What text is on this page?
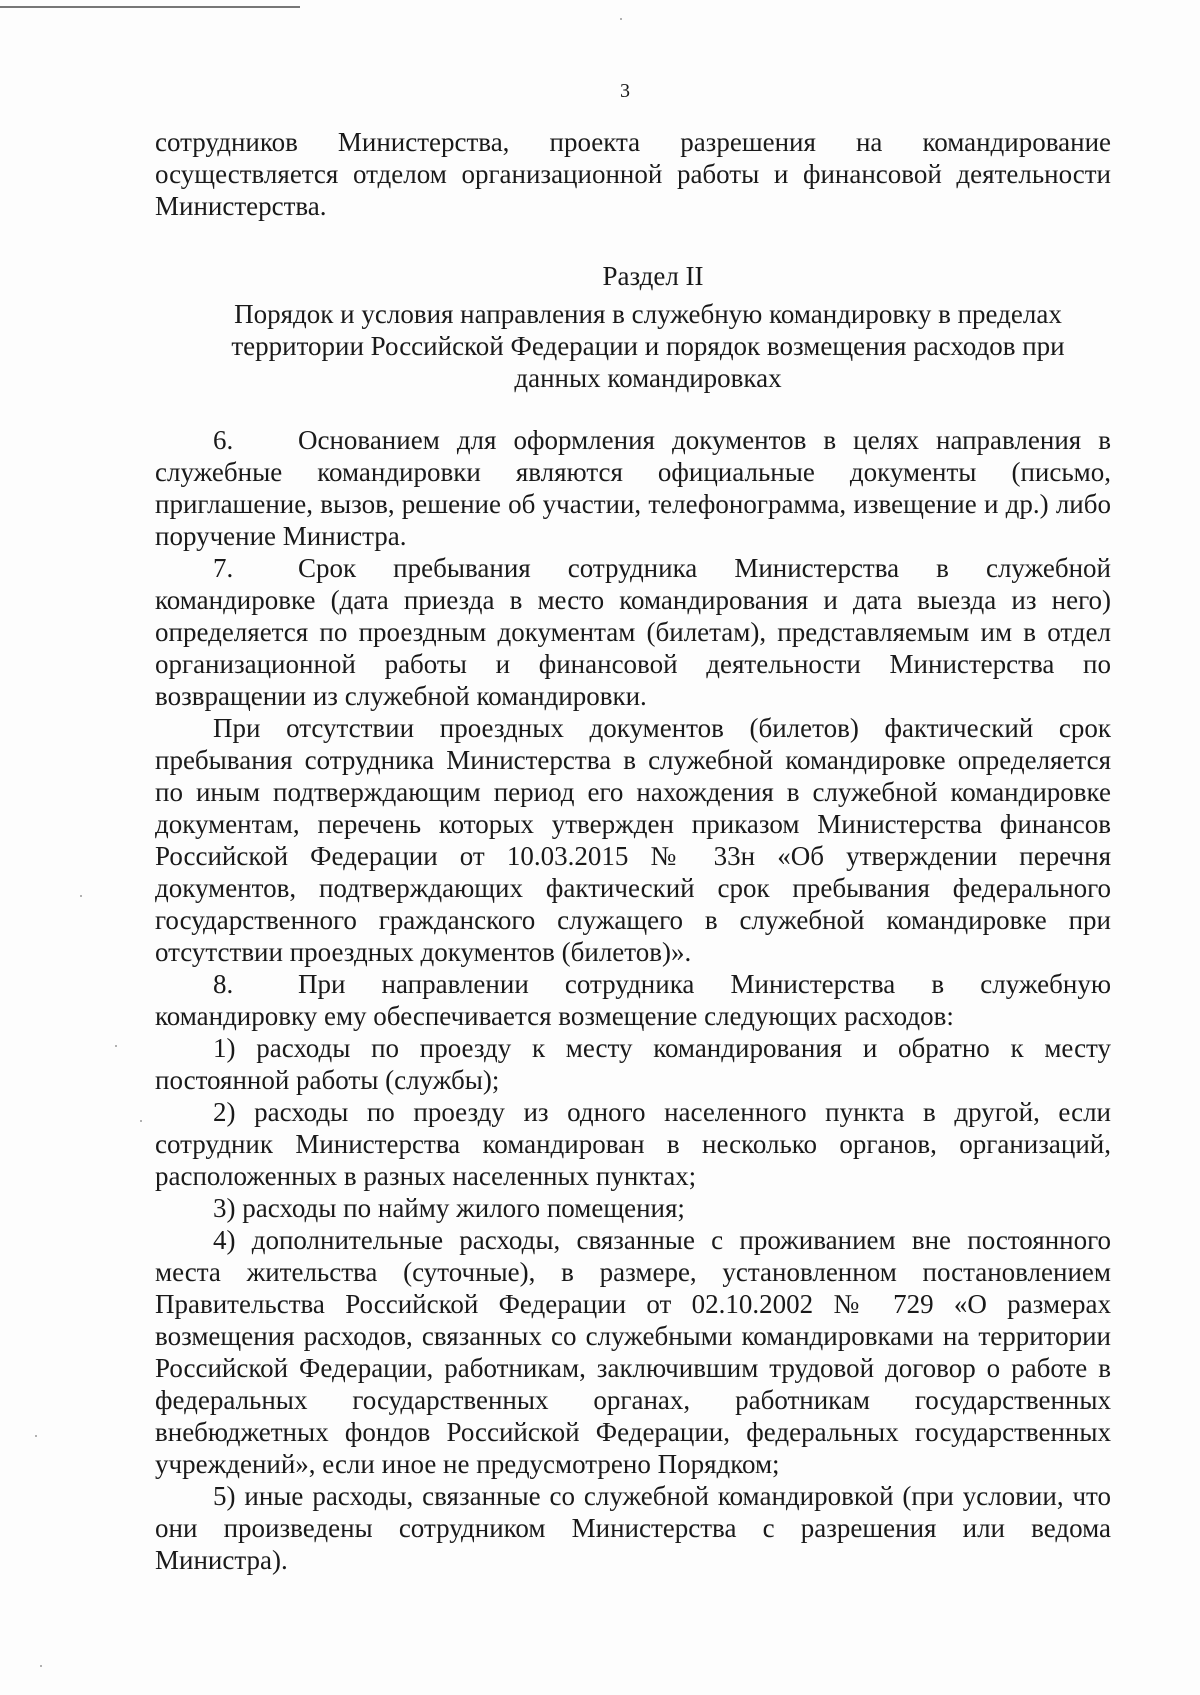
3

сотрудников Министерства, проекта разрешения на командирование осуществляется отделом организационной работы и финансовой деятельности Министерства.

Раздел II

Порядок и условия направления в служебную командировку в пределах
территории Российской Федерации и порядок возмещения расходов при
данных командировках

6. Основанием для оформления документов в целях направления в служебные командировки являются официальные документы (письмо, приглашение, вызов, решение об участии, телефонограмма, извещение и др.) либо поручение Министра.

7. Срок пребывания сотрудника Министерства в служебной командировке (дата приезда в место командирования и дата выезда из него) определяется по проездным документам (билетам), представляемым им в отдел организационной работы и финансовой деятельности Министерства по возвращении из служебной командировки.

При отсутствии проездных документов (билетов) фактический срок пребывания сотрудника Министерства в служебной командировке определяется по иным подтверждающим период его нахождения в служебной командировке документам, перечень которых утвержден приказом Министерства финансов Российской Федерации от 10.03.2015 № 33н «Об утверждении перечня документов, подтверждающих фактический срок пребывания федерального государственного гражданского служащего в служебной командировке при отсутствии проездных документов (билетов)».

8. При направлении сотрудника Министерства в служебную командировку ему обеспечивается возмещение следующих расходов:

1) расходы по проезду к месту командирования и обратно к месту постоянной работы (службы);

2) расходы по проезду из одного населенного пункта в другой, если сотрудник Министерства командирован в несколько органов, организаций, расположенных в разных населенных пунктах;

3) расходы по найму жилого помещения;

4) дополнительные расходы, связанные с проживанием вне постоянного места жительства (суточные), в размере, установленном постановлением Правительства Российской Федерации от 02.10.2002 № 729 «О размерах возмещения расходов, связанных со служебными командировками на территории Российской Федерации, работникам, заключившим трудовой договор о работе в федеральных государственных органах, работникам государственных внебюджетных фондов Российской Федерации, федеральных государственных учреждений», если иное не предусмотрено Порядком;

5) иные расходы, связанные со служебной командировкой (при условии, что они произведены сотрудником Министерства с разрешения или ведома Министра).
